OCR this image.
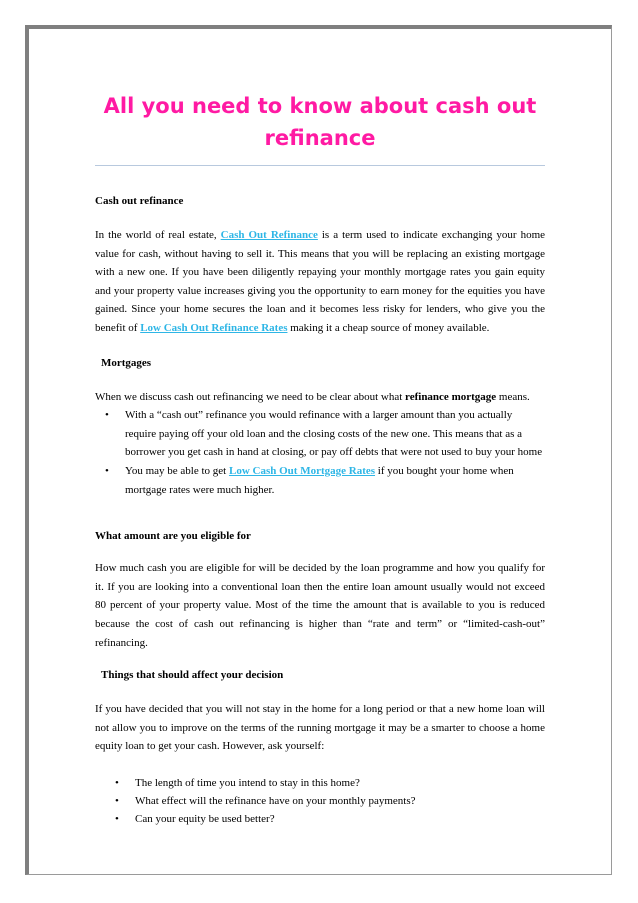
All you need to know about cash out refinance
Cash out refinance

In the world of real estate, Cash Out Refinance is a term used to indicate exchanging your home value for cash, without having to sell it. This means that you will be replacing an existing mortgage with a new one. If you have been diligently repaying your monthly mortgage rates you gain equity and your property value increases giving you the opportunity to earn money for the equities you have gained. Since your home secures the loan and it becomes less risky for lenders, who give you the benefit of Low Cash Out Refinance Rates making it a cheap source of money available.

Mortgages

When we discuss cash out refinancing we need to be clear about what refinance mortgage means.

• With a “cash out” refinance you would refinance with a larger amount than you actually require paying off your old loan and the closing costs of the new one. This means that as a borrower you get cash in hand at closing, or pay off debts that were not used to buy your home
• You may be able to get Low Cash Out Mortgage Rates if you bought your home when mortgage rates were much higher.
What amount are you eligible for

How much cash you are eligible for will be decided by the loan programme and how you qualify for it. If you are looking into a conventional loan then the entire loan amount usually would not exceed 80 percent of your property value. Most of the time the amount that is available to you is reduced because the cost of cash out refinancing is higher than “rate and term” or “limited-cash-out” refinancing.

Things that should affect your decision

If you have decided that you will not stay in the home for a long period or that a new home loan will not allow you to improve on the terms of the running mortgage it may be a smarter to choose a home equity loan to get your cash. However, ask yourself:

• The length of time you intend to stay in this home?
• What effect will the refinance have on your monthly payments?
• Can your equity be used better?
